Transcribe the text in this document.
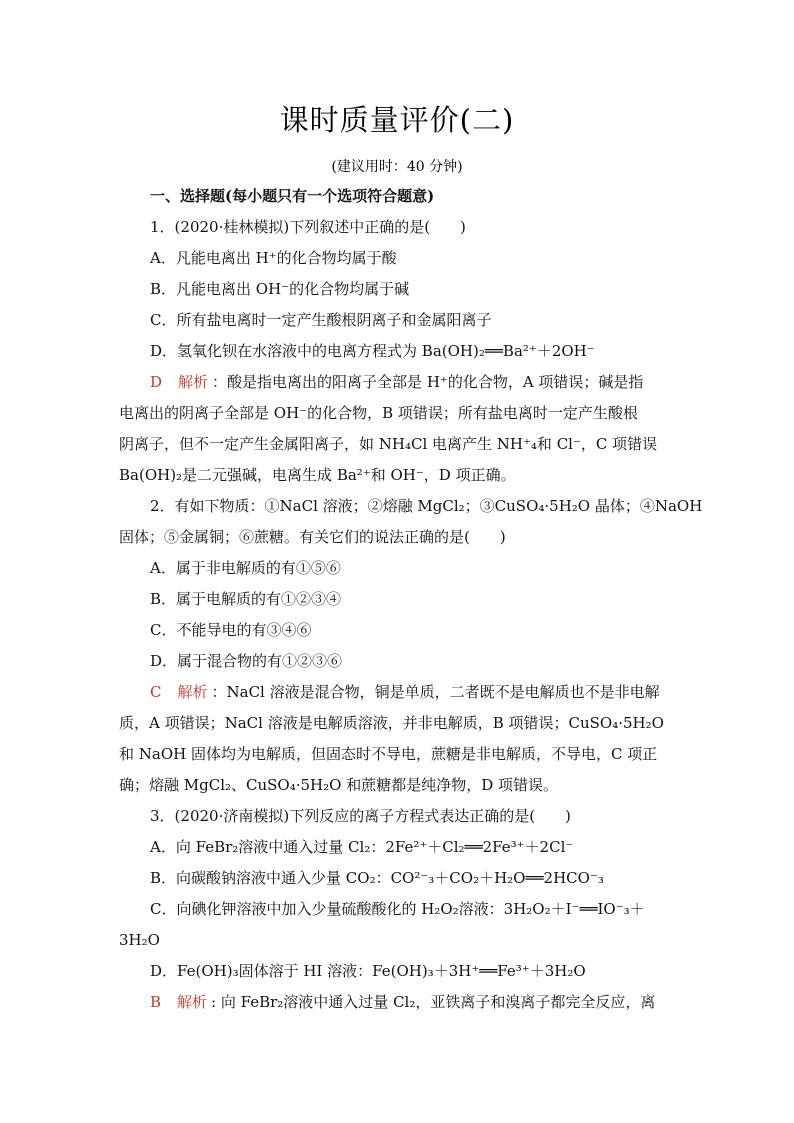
课时质量评价(二)
(建议用时：40 分钟)
一、选择题(每小题只有一个选项符合题意)
1．(2020·桂林模拟)下列叙述中正确的是(　　)
A．凡能电离出 H⁺的化合物均属于酸
B．凡能电离出 OH⁻的化合物均属于碱
C．所有盐电离时一定产生酸根阴离子和金属阳离子
D．氢氧化钡在水溶液中的电离方程式为 Ba(OH)₂══Ba²⁺＋2OH⁻
D 解析 ：酸是指电离出的阳离子全部是 H⁺的化合物，A 项错误；碱是指
电离出的阴离子全部是 OH⁻的化合物，B 项错误；所有盐电离时一定产生酸根
阴离子，但不一定产生金属阳离子，如 NH₄Cl 电离产生 NH⁺₄和 Cl⁻，C 项错误
Ba(OH)₂是二元强碱，电离生成 Ba²⁺和 OH⁻，D 项正确。
2．有如下物质：①NaCl 溶液；②熔融 MgCl₂；③CuSO₄·5H₂O 晶体；④NaOH
固体；⑤金属铜；⑥蔗糖。有关它们的说法正确的是(　　)
A．属于非电解质的有①⑤⑥
B．属于电解质的有①②③④
C．不能导电的有③④⑥
D．属于混合物的有①②③⑥
C 解析 ：NaCl 溶液是混合物，铜是单质，二者既不是电解质也不是非电解
质，A 项错误；NaCl 溶液是电解质溶液，并非电解质，B 项错误；CuSO₄·5H₂O
和 NaOH 固体均为电解质，但固态时不导电，蔗糖是非电解质，不导电，C 项正
确；熔融 MgCl₂、CuSO₄·5H₂O 和蔗糖都是纯净物，D 项错误。
3．(2020·济南模拟)下列反应的离子方程式表达正确的是(　　)
A．向 FeBr₂溶液中通入过量 Cl₂：2Fe²⁺＋Cl₂══2Fe³⁺＋2Cl⁻
B．向碳酸钠溶液中通入少量 CO₂：CO²⁻₃＋CO₂＋H₂O══2HCO⁻₃
C．向碘化钾溶液中加入少量硫酸酸化的 H₂O₂溶液：3H₂O₂＋I⁻══IO⁻₃＋
3H₂O
D．Fe(OH)₃固体溶于 HI 溶液：Fe(OH)₃＋3H⁺══Fe³⁺＋3H₂O
B 解析 : 向 FeBr₂溶液中通入过量 Cl₂，亚铁离子和溴离子都完全反应，离
